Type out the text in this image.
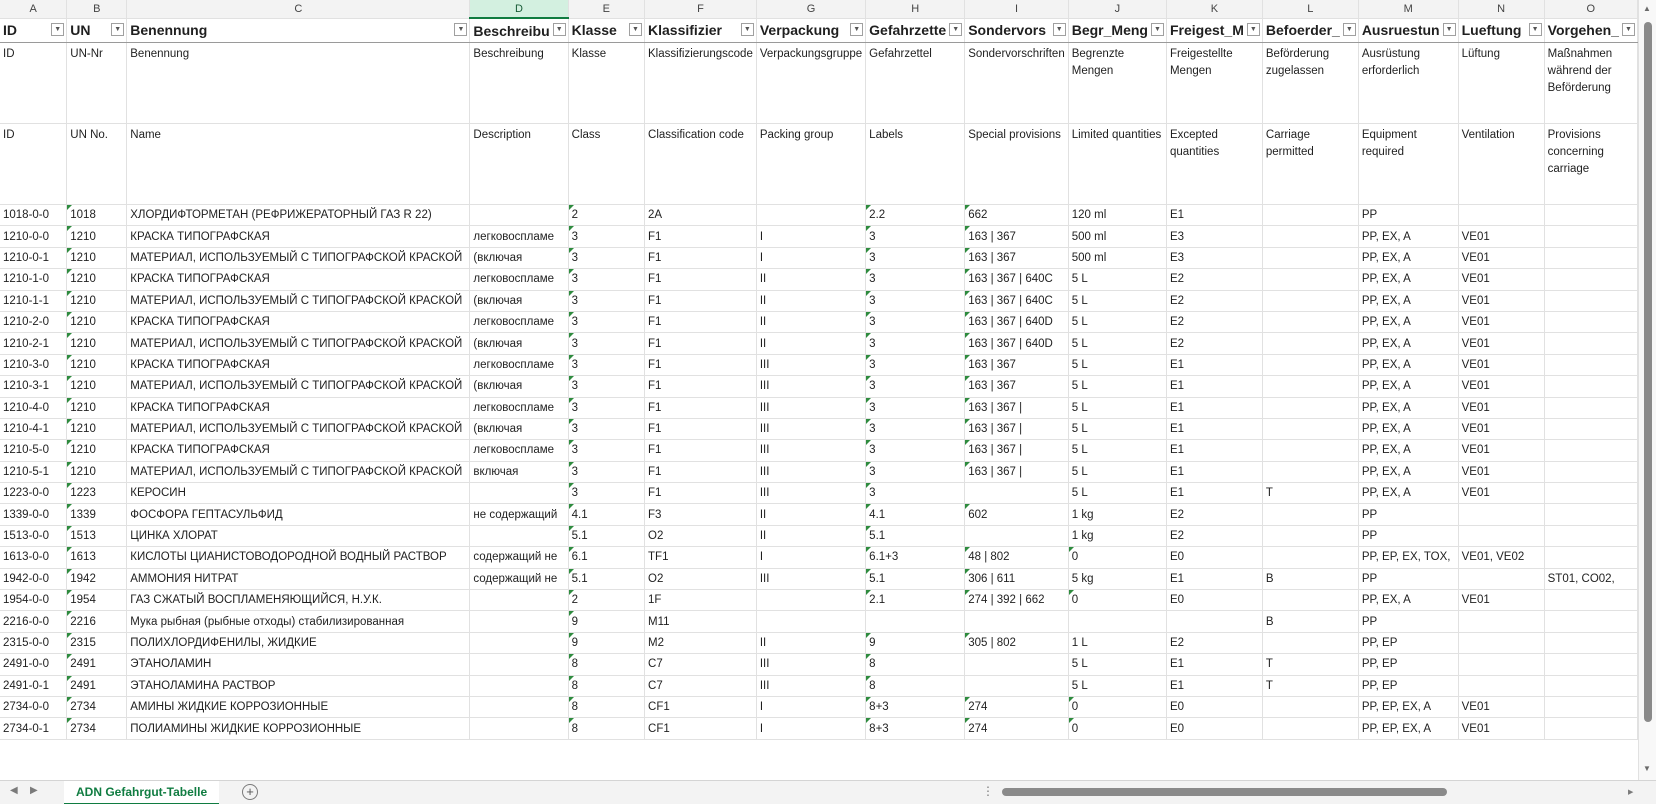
A	B	C	D	E	F	G	H	I	J	K	L	M	N	O
ID ▼	UN ▼	Benennung ▼	Beschreibu ▼	Klasse ▼	Klassifizier ▼	Verpackung ▼	Gefahrzette ▼	Sondervors ▼	Begr_Meng ▼	Freigest_M ▼	Befoerder_ ▼	Ausruestun ▼	Lueftung ▼	Vorgehen_ ▼

ID	UN-Nr	Benennung	Beschreibung	Klasse	Klassifizierungscode	Verpackungsgruppe	Gefahrzettel	Sondervorschriften	Begrenzte Mengen	Freigestellte Mengen	Beförderung zugelassen	Ausrüstung erforderlich	Lüftung	Maßnahmen während der Beförderung
ID	UN No.	Name	Description	Class	Classification code	Packing group	Labels	Special provisions	Limited quantities	Excepted quantities	Carriage permitted	Equipment required	Ventilation	Provisions concerning carriage
1018-0-0	1018	ХЛОРДИФТОРМЕТАН (РЕФРИЖЕРАТОРНЫЙ ГАЗ R 22)		2	2A		2.2	662	120 ml	E1		PP		
1210-0-0	1210	КРАСКА ТИПОГРАФСКАЯ	легковоспламе	3	F1	I	3	163 | 367	500 ml	E3		PP, EX, A	VE01	
1210-0-1	1210	МАТЕРИАЛ, ИСПОЛЬЗУЕМЫЙ С ТИПОГРАФСКОЙ КРАСКОЙ	(включая	3	F1	I	3	163 | 367	500 ml	E3		PP, EX, A	VE01	
1210-1-0	1210	КРАСКА ТИПОГРАФСКАЯ	легковоспламе	3	F1	II	3	163 | 367 | 640C	5 L	E2		PP, EX, A	VE01	
1210-1-1	1210	МАТЕРИАЛ, ИСПОЛЬЗУЕМЫЙ С ТИПОГРАФСКОЙ КРАСКОЙ	(включая	3	F1	II	3	163 | 367 | 640C	5 L	E2		PP, EX, A	VE01	
1210-2-0	1210	КРАСКА ТИПОГРАФСКАЯ	легковоспламе	3	F1	II	3	163 | 367 | 640D	5 L	E2		PP, EX, A	VE01	
1210-2-1	1210	МАТЕРИАЛ, ИСПОЛЬЗУЕМЫЙ С ТИПОГРАФСКОЙ КРАСКОЙ	(включая	3	F1	II	3	163 | 367 | 640D	5 L	E2		PP, EX, A	VE01	
1210-3-0	1210	КРАСКА ТИПОГРАФСКАЯ	легковоспламе	3	F1	III	3	163 | 367	5 L	E1		PP, EX, A	VE01	
1210-3-1	1210	МАТЕРИАЛ, ИСПОЛЬЗУЕМЫЙ С ТИПОГРАФСКОЙ КРАСКОЙ	(включая	3	F1	III	3	163 | 367	5 L	E1		PP, EX, A	VE01	
1210-4-0	1210	КРАСКА ТИПОГРАФСКАЯ	легковоспламе	3	F1	III	3	163 | 367 |	5 L	E1		PP, EX, A	VE01	
1210-4-1	1210	МАТЕРИАЛ, ИСПОЛЬЗУЕМЫЙ С ТИПОГРАФСКОЙ КРАСКОЙ	(включая	3	F1	III	3	163 | 367 |	5 L	E1		PP, EX, A	VE01	
1210-5-0	1210	КРАСКА ТИПОГРАФСКАЯ	легковоспламе	3	F1	III	3	163 | 367 |	5 L	E1		PP, EX, A	VE01	
1210-5-1	1210	МАТЕРИАЛ, ИСПОЛЬЗУЕМЫЙ С ТИПОГРАФСКОЙ КРАСКОЙ	включая	3	F1	III	3	163 | 367 |	5 L	E1		PP, EX, A	VE01	
1223-0-0	1223	КЕРОСИН		3	F1	III	3		5 L	E1	T	PP, EX, A	VE01	
1339-0-0	1339	ФОСФОРА ГЕПТАСУЛЬФИД	не содержащий	4.1	F3	II	4.1	602	1 kg	E2		PP		
1513-0-0	1513	ЦИНКА ХЛОРАТ		5.1	O2	II	5.1		1 kg	E2		PP		
1613-0-0	1613	КИСЛОТЫ ЦИАНИСТОВОДОРОДНОЙ ВОДНЫЙ РАСТВОР	содержащий не	6.1	TF1	I	6.1+3	48 | 802	0	E0		PP, EP, EX, TOX,	VE01, VE02	
1942-0-0	1942	АММОНИЯ НИТРАТ	содержащий не	5.1	O2	III	5.1	306 | 611	5 kg	E1	B	PP		ST01, CO02,
1954-0-0	1954	ГАЗ СЖАТЫЙ ВОСПЛАМЕНЯЮЩИЙСЯ, Н.У.К.		2	1F		2.1	274 | 392 | 662	0	E0		PP, EX, A	VE01	
2216-0-0	2216	Мука рыбная (рыбные отходы) стабилизированная		9	M11						B	PP		
2315-0-0	2315	ПОЛИХЛОРДИФЕНИЛЫ, ЖИДКИЕ		9	M2	II	9	305 | 802	1 L	E2		PP, EP		
2491-0-0	2491	ЭТАНОЛАМИН		8	C7	III	8		5 L	E1	T	PP, EP		
2491-0-1	2491	ЭТАНОЛАМИНА РАСТВОР		8	C7	III	8		5 L	E1	T	PP, EP		
2734-0-0	2734	АМИНЫ ЖИДКИЕ КОРРОЗИОННЫЕ		8	CF1	I	8+3	274	0	E0		PP, EP, EX, A	VE01	
2734-0-1	2734	ПОЛИАМИНЫ ЖИДКИЕ КОРРОЗИОННЫЕ		8	CF1	I	8+3	274	0	E0		PP, EP, EX, A	VE01	
▲
▼
◀ ▶	ADN Gefahrgut-Tabelle	+	⋮	▶
